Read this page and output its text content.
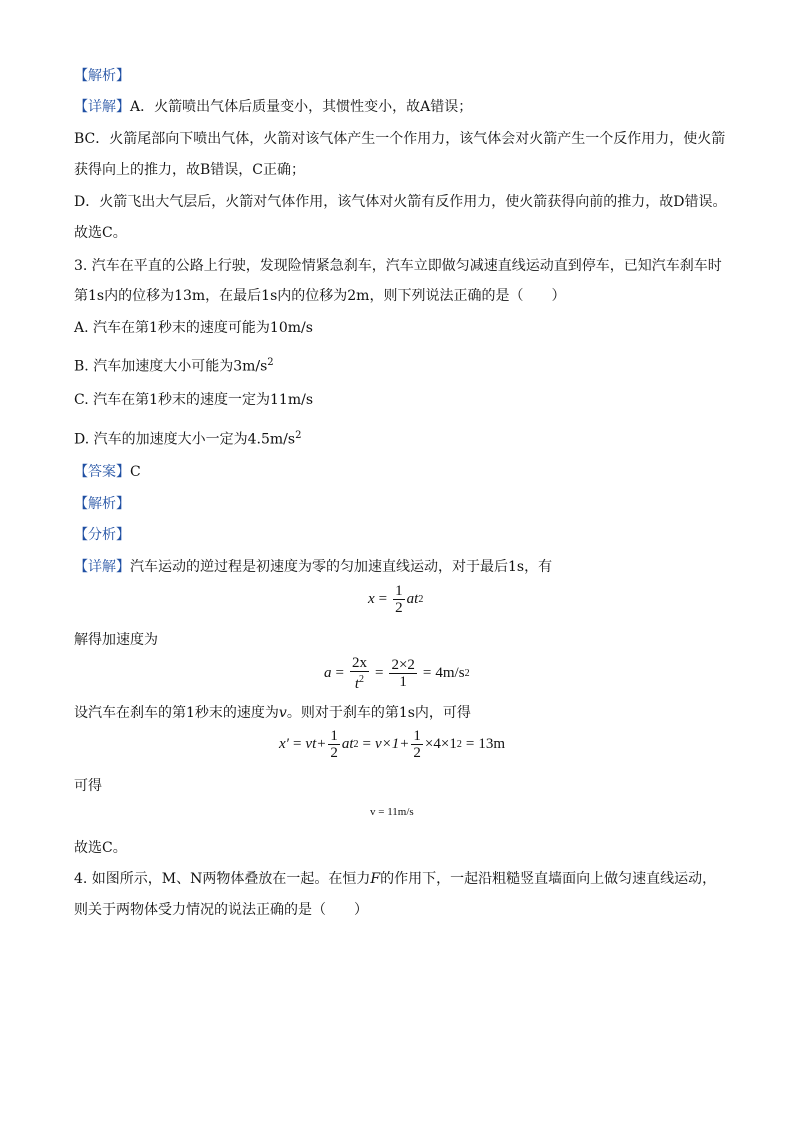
【解析】
【详解】A．火箭喷出气体后质量变小，其惯性变小，故A错误；
BC．火箭尾部向下喷出气体，火箭对该气体产生一个作用力，该气体会对火箭产生一个反作用力，使火箭
获得向上的推力，故B错误，C正确；
D．火箭飞出大气层后，火箭对气体作用，该气体对火箭有反作用力，使火箭获得向前的推力，故D错误。
故选C。
3. 汽车在平直的公路上行驶，发现险情紧急刹车，汽车立即做匀减速直线运动直到停车，已知汽车刹车时
第1s内的位移为13m，在最后1s内的位移为2m，则下列说法正确的是（　　）
A. 汽车在第1秒末的速度可能为10m/s
B. 汽车加速度大小可能为$3m/s^2$
C. 汽车在第1秒末的速度一定为11m/s
D. 汽车的加速度大小一定为$4.5m/s^2$
【答案】C
【解析】
【分析】
【详解】汽车运动的逆过程是初速度为零的匀加速直线运动，对于最后1s，有
$x = \frac{1}{2}$ at 2
解得加速度为
$a = \frac{2x}{t^2} = \frac{2\times 2}{1} = 4m/s$ 2
设汽车在刹车的第1秒末的速度为v。则对于刹车的第1s内，可得
$x' = vt+ \frac{1}{2}$ at $2 = v\times 1+ \frac{1}{2} \times 4\times 1$ 2 = 13m
可得
v = 11m/s
故选C。
4. 如图所示，M、N两物体叠放在一起。在恒力F的作用下，一起沿粗糙竖直墙面向上做匀速直线运动，
则关于两物体受力情况的说法正确的是（　　）
